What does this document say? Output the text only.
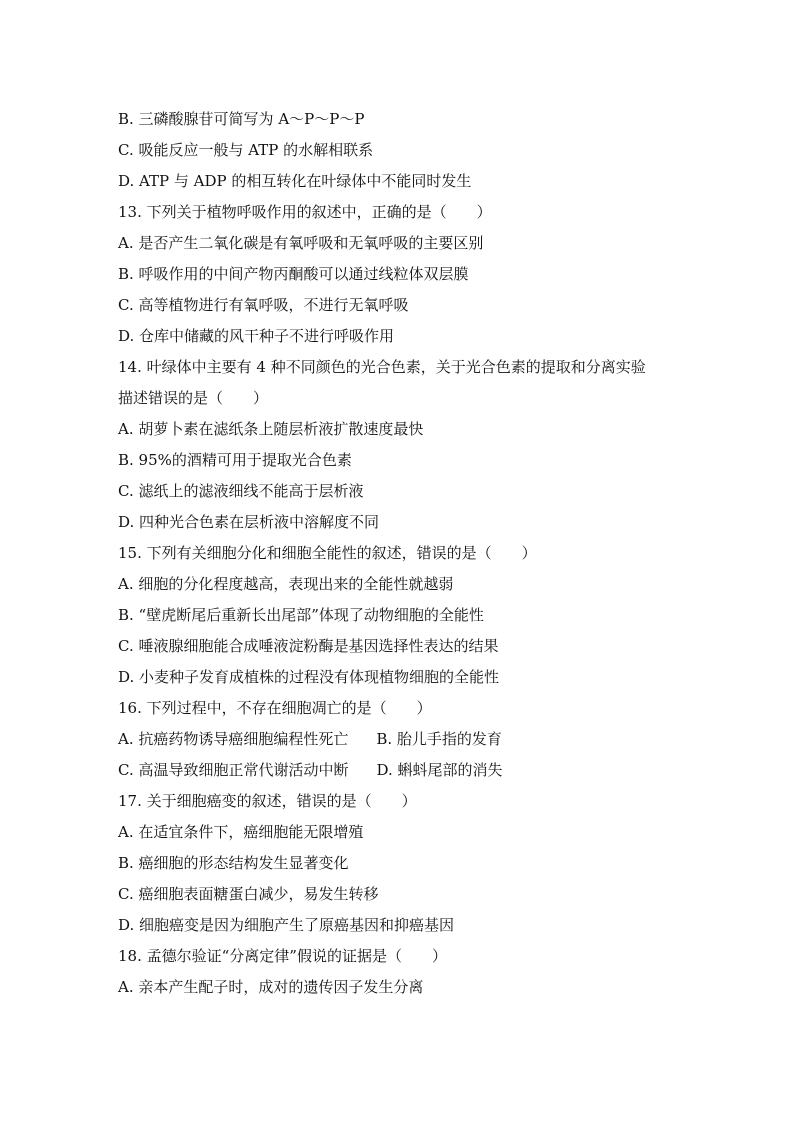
B. 三磷酸腺苷可简写为 A～P～P～P
C. 吸能反应一般与 ATP 的水解相联系
D. ATP 与 ADP 的相互转化在叶绿体中不能同时发生
13. 下列关于植物呼吸作用的叙述中，正确的是（　　）
A. 是否产生二氧化碳是有氧呼吸和无氧呼吸的主要区别
B. 呼吸作用的中间产物丙酮酸可以通过线粒体双层膜
C. 高等植物进行有氧呼吸，不进行无氧呼吸
D. 仓库中储藏的风干种子不进行呼吸作用
14. 叶绿体中主要有 4 种不同颜色的光合色素，关于光合色素的提取和分离实验
描述错误的是（　　）
A. 胡萝卜素在滤纸条上随层析液扩散速度最快
B. 95%的酒精可用于提取光合色素
C. 滤纸上的滤液细线不能高于层析液
D. 四种光合色素在层析液中溶解度不同
15. 下列有关细胞分化和细胞全能性的叙述，错误的是（　　）
A. 细胞的分化程度越高，表现出来的全能性就越弱
B. “壁虎断尾后重新长出尾部”体现了动物细胞的全能性
C. 唾液腺细胞能合成唾液淀粉酶是基因选择性表达的结果
D. 小麦种子发育成植株的过程没有体现植物细胞的全能性
16. 下列过程中，不存在细胞凋亡的是（　　）
A. 抗癌药物诱导癌细胞编程性死亡 B. 胎儿手指的发育
C. 高温导致细胞正常代谢活动中断 D. 蝌蚪尾部的消失
17. 关于细胞癌变的叙述，错误的是（　　）
A. 在适宜条件下，癌细胞能无限增殖
B. 癌细胞的形态结构发生显著变化
C. 癌细胞表面糖蛋白减少，易发生转移
D. 细胞癌变是因为细胞产生了原癌基因和抑癌基因
18. 孟德尔验证“分离定律”假说的证据是（　　）
A. 亲本产生配子时，成对的遗传因子发生分离
